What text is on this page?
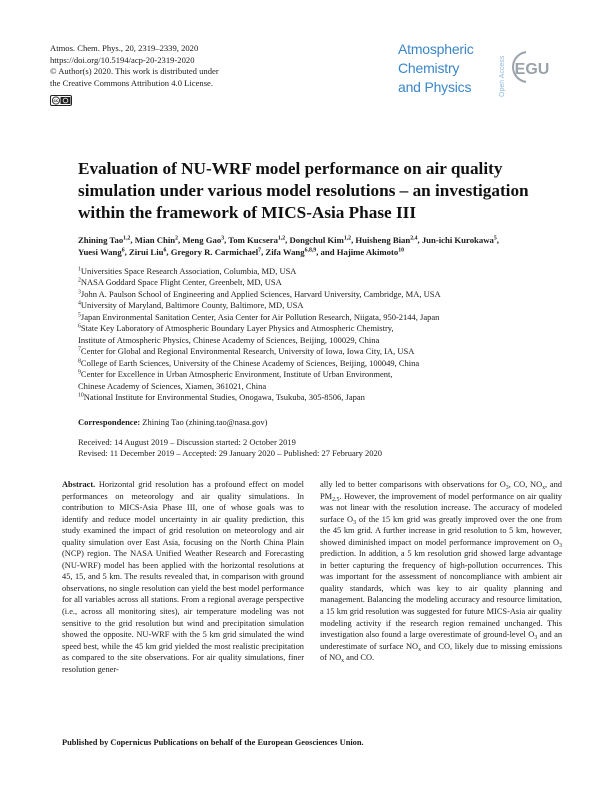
Atmos. Chem. Phys., 20, 2319–2339, 2020
https://doi.org/10.5194/acp-20-2319-2020
© Author(s) 2020. This work is distributed under
the Creative Commons Attribution 4.0 License.
cc
Atmospheric
Chemistry
and Physics	Open Access EGU
Evaluation of NU-WRF model performance on air quality simulation under various model resolutions – an investigation within the framework of MICS-Asia Phase III
Zhining Tao$^{1,2}$, Mian Chin$^2$, Meng Gao$^3$, Tom Kucsera$^{1,2}$, Dongchul Kim$^{1,2}$, Huisheng Bian$^{2,4}$, Jun-ichi Kurokawa$^5$,
Yuesi Wang$^6$, Zirui Liu$^6$, Gregory R. Carmichael$^7$, Zifa Wang$^{6,8,9}$, and Hajime Akimoto$^{10}$
$^1$Universities Space Research Association, Columbia, MD, USA
$^2$NASA Goddard Space Flight Center, Greenbelt, MD, USA
$^3$John A. Paulson School of Engineering and Applied Sciences, Harvard University, Cambridge, MA, USA
$^4$University of Maryland, Baltimore County, Baltimore, MD, USA
$^5$Japan Environmental Sanitation Center, Asia Center for Air Pollution Research, Niigata, 950-2144, Japan
$^6$State Key Laboratory of Atmospheric Boundary Layer Physics and Atmospheric Chemistry,
Institute of Atmospheric Physics, Chinese Academy of Sciences, Beijing, 100029, China
$^7$Center for Global and Regional Environmental Research, University of Iowa, Iowa City, IA, USA
$^8$College of Earth Sciences, University of the Chinese Academy of Sciences, Beijing, 100049, China
$^9$Center for Excellence in Urban Atmospheric Environment, Institute of Urban Environment,
Chinese Academy of Sciences, Xiamen, 361021, China
$^{10}$National Institute for Environmental Studies, Onogawa, Tsukuba, 305-8506, Japan
Correspondence: Zhining Tao (zhining.tao@nasa.gov)
Received: 14 August 2019 – Discussion started: 2 October 2019
Revised: 11 December 2019 – Accepted: 29 January 2020 – Published: 27 February 2020
Abstract. Horizontal grid resolution has a profound effect on model performances on meteorology and air quality simulations. In contribution to MICS-Asia Phase III, one of whose goals was to identify and reduce model uncertainty in air quality prediction, this study examined the impact of grid resolution on meteorology and air quality simulation over East Asia, focusing on the North China Plain (NCP) region. The NASA Unified Weather Research and Forecasting (NU-WRF) model has been applied with the horizontal resolutions at 45, 15, and 5 km. The results revealed that, in comparison with ground observations, no single resolution can yield the best model performance for all variables across all stations. From a regional average perspective (i.e., across all monitoring sites), air temperature modeling was not sensitive to the grid resolution but wind and precipitation simulation showed the opposite. NU-WRF with the 5 km grid simulated the wind speed best, while the 45 km grid yielded the most realistic precipitation as compared to the site observations. For air quality simulations, finer resolution gener-
ally led to better comparisons with observations for $O_3$, CO, $NO_x$, and $PM_{2.5}$. However, the improvement of model performance on air quality was not linear with the resolution increase. The accuracy of modeled surface $O_3$ of the 15 km grid was greatly improved over the one from the 45 km grid. A further increase in grid resolution to 5 km, however, showed diminished impact on model performance improvement on $O_3$ prediction. In addition, a 5 km resolution grid showed large advantage in better capturing the frequency of high-pollution occurrences. This was important for the assessment of noncompliance with ambient air quality standards, which was key to air quality planning and management. Balancing the modeling accuracy and resource limitation, a 15 km grid resolution was suggested for future MICS-Asia air quality modeling activity if the research region remained unchanged. This investigation also found a large overestimate of ground-level $O_3$ and an underestimate of surface $NO_x$ and CO, likely due to missing emissions of $NO_x$ and CO.
Published by Copernicus Publications on behalf of the European Geosciences Union.
